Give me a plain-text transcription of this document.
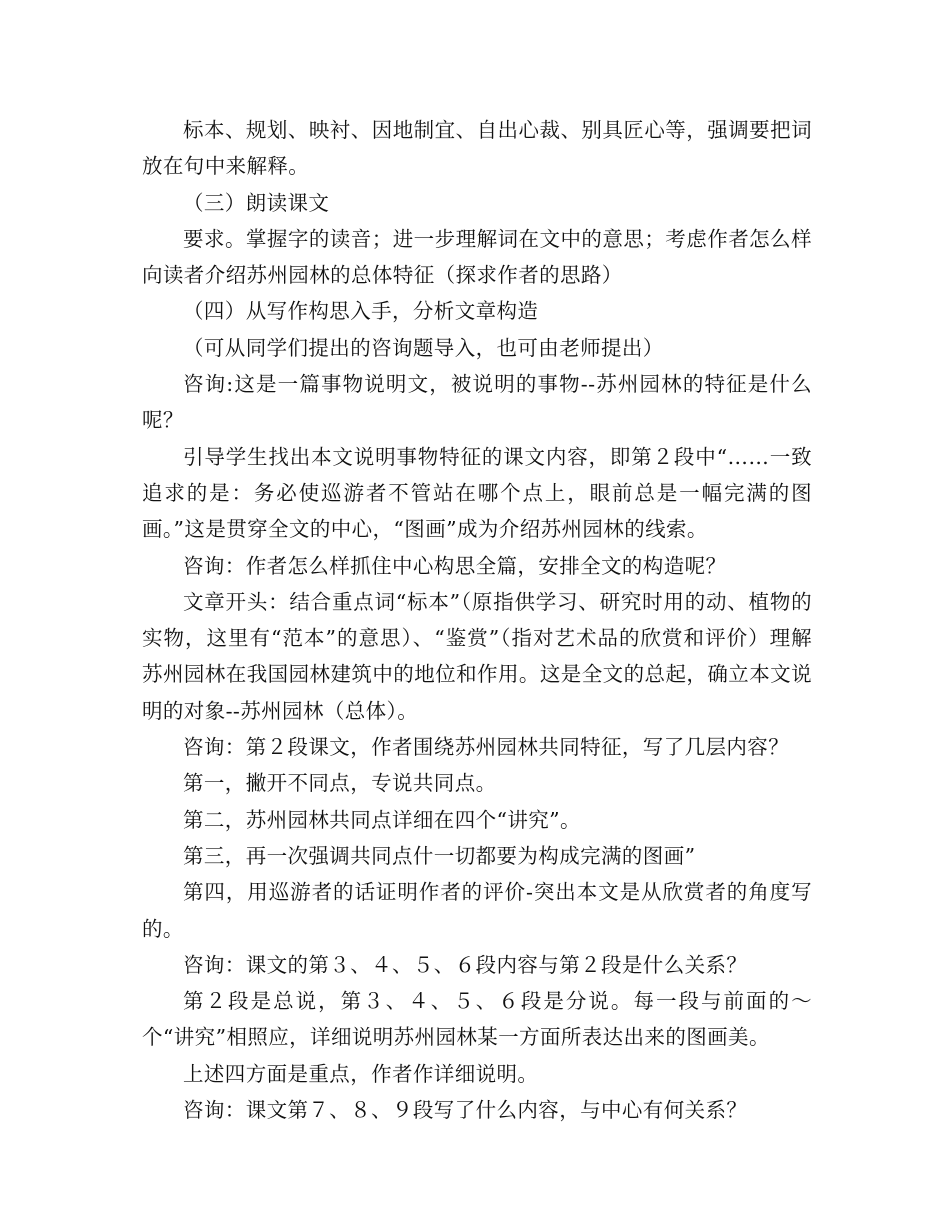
标本、规划、映衬、因地制宜、自出心裁、别具匠心等，强调要把词放在句中来解释。

（三）朗读课文

要求。掌握字的读音；进一步理解词在文中的意思；考虑作者怎么样向读者介绍苏州园林的总体特征（探求作者的思路）

（四）从写作构思入手，分析文章构造

（可从同学们提出的咨询题导入，也可由老师提出）

咨询:这是一篇事物说明文，被说明的事物--苏州园林的特征是什么呢？

引导学生找出本文说明事物特征的课文内容，即第２段中“……一致追求的是：务必使巡游者不管站在哪个点上，眼前总是一幅完满的图画。”这是贯穿全文的中心，“图画”成为介绍苏州园林的线索。

咨询：作者怎么样抓住中心构思全篇，安排全文的构造呢？

文章开头：结合重点词“标本”（原指供学习、研究时用的动、植物的实物，这里有“范本”的意思）、“鉴赏”（指对艺术品的欣赏和评价）理解苏州园林在我国园林建筑中的地位和作用。这是全文的总起，确立本文说明的对象--苏州园林（总体）。

咨询：第２段课文，作者围绕苏州园林共同特征，写了几层内容？

第一，撇开不同点，专说共同点。

第二，苏州园林共同点详细在四个“讲究”。

第三，再一次强调共同点什一切都要为构成完满的图画”

第四，用巡游者的话证明作者的评价-突出本文是从欣赏者的角度写的。

咨询：课文的第３、４、５、６段内容与第２段是什么关系？

第２段是总说，第３、４、５、６段是分说。每一段与前面的～个“讲究”相照应，详细说明苏州园林某一方面所表达出来的图画美。

上述四方面是重点，作者作详细说明。

咨询：课文第７、８、９段写了什么内容，与中心有何关系？
